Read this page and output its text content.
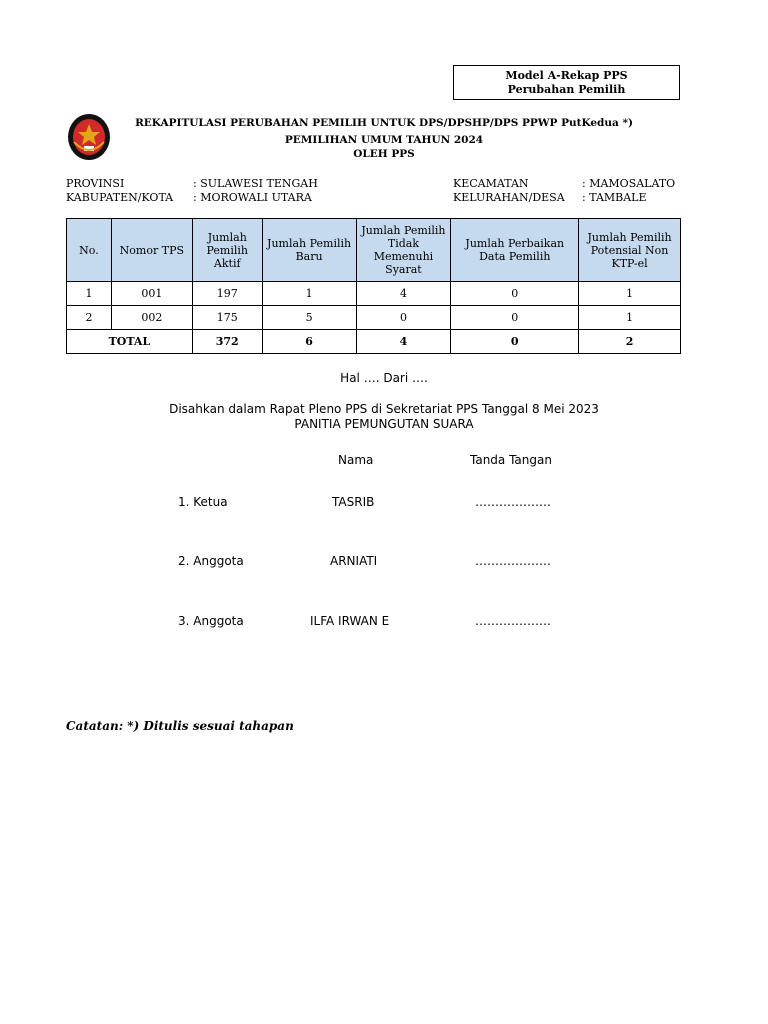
Model A-Rekap PPS
Perubahan Pemilih
REKAPITULASI PERUBAHAN PEMILIH UNTUK DPS/DPSHP/DPS PPWP PutKedua *)
PEMILIHAN UMUM TAHUN 2024
OLEH PPS
PROVINSI	: SULAWESI TENGAH
KABUPATEN/KOTA : MOROWALI UTARA
KECAMATAN	: MAMOSALATO
KELURAHAN/DESA : TAMBALE
No.	Nomor TPS	Jumlah Pemilih Aktif	Jumlah Pemilih Baru	Jumlah Pemilih Tidak Memenuhi Syarat	Jumlah Perbaikan Data Pemilih	Jumlah Pemilih Potensial Non KTP-el
1	001	197	1	4	0	1
2	002	175	5	0	0	1
TOTAL		372	6	4	0	2
Hal …. Dari ….
Disahkan dalam Rapat Pleno PPS di Sekretariat PPS Tanggal 8 Mei 2023
PANITIA PEMUNGUTAN SUARA
Nama	Tanda Tangan
1. Ketua	TASRIB	……………….
2. Anggota	ARNIATI	……………….
3. Anggota	ILFA IRWAN E	……………….
Catatan: *) Ditulis sesuai tahapan
